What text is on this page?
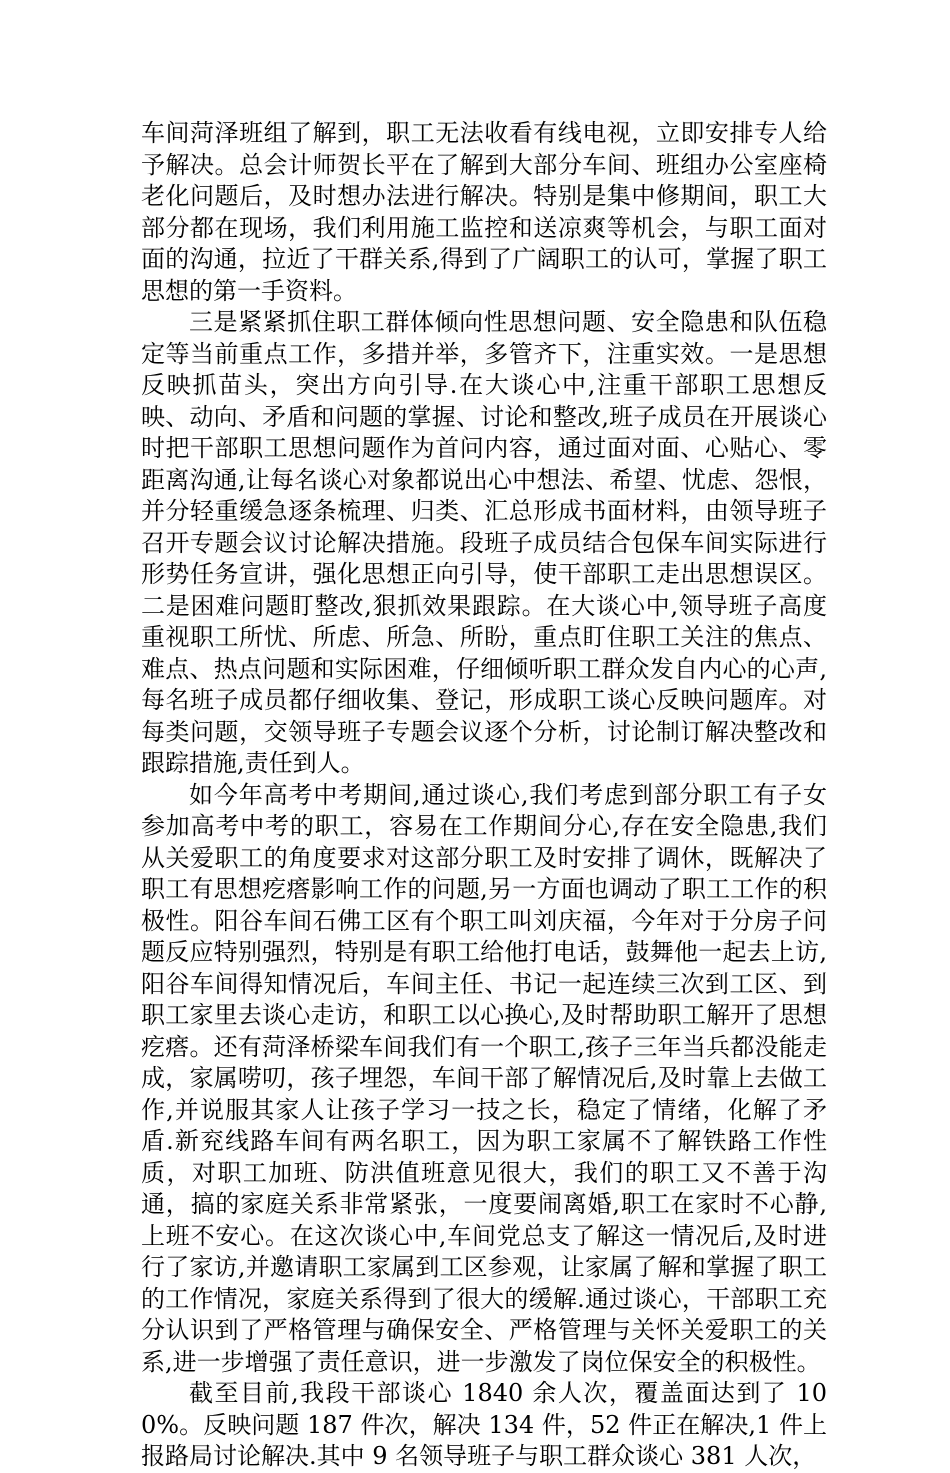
车间菏泽班组了解到，职工无法收看有线电视，立即安排专人给予解决。总会计师贺长平在了解到大部分车间、班组办公室座椅老化问题后，及时想办法进行解决。特别是集中修期间，职工大部分都在现场，我们利用施工监控和送凉爽等机会，与职工面对面的沟通，拉近了干群关系,得到了广阔职工的认可，掌握了职工思想的第一手资料。

三是紧紧抓住职工群体倾向性思想问题、安全隐患和队伍稳定等当前重点工作，多措并举，多管齐下，注重实效。一是思想反映抓苗头，突出方向引导.在大谈心中,注重干部职工思想反映、动向、矛盾和问题的掌握、讨论和整改,班子成员在开展谈心时把干部职工思想问题作为首问内容，通过面对面、心贴心、零距离沟通,让每名谈心对象都说出心中想法、希望、忧虑、怨恨，并分轻重缓急逐条梳理、归类、汇总形成书面材料，由领导班子召开专题会议讨论解决措施。段班子成员结合包保车间实际进行形势任务宣讲，强化思想正向引导，使干部职工走出思想误区。二是困难问题盯整改,狠抓效果跟踪。在大谈心中,领导班子高度重视职工所忧、所虑、所急、所盼，重点盯住职工关注的焦点、难点、热点问题和实际困难，仔细倾听职工群众发自内心的心声,每名班子成员都仔细收集、登记，形成职工谈心反映问题库。对每类问题，交领导班子专题会议逐个分析，讨论制订解决整改和跟踪措施,责任到人。

如今年高考中考期间,通过谈心,我们考虑到部分职工有子女参加高考中考的职工，容易在工作期间分心,存在安全隐患,我们从关爱职工的角度要求对这部分职工及时安排了调休，既解决了职工有思想疙瘩影响工作的问题,另一方面也调动了职工工作的积极性。阳谷车间石佛工区有个职工叫刘庆福，今年对于分房子问题反应特别强烈，特别是有职工给他打电话，鼓舞他一起去上访,阳谷车间得知情况后，车间主任、书记一起连续三次到工区、到职工家里去谈心走访，和职工以心换心,及时帮助职工解开了思想疙瘩。还有菏泽桥梁车间我们有一个职工,孩子三年当兵都没能走成，家属唠叨，孩子埋怨，车间干部了解情况后,及时靠上去做工作,并说服其家人让孩子学习一技之长，稳定了情绪，化解了矛盾.新兖线路车间有两名职工，因为职工家属不了解铁路工作性质，对职工加班、防洪值班意见很大，我们的职工又不善于沟通，搞的家庭关系非常紧张，一度要闹离婚,职工在家时不心静,上班不安心。在这次谈心中,车间党总支了解这一情况后,及时进行了家访,并邀请职工家属到工区参观，让家属了解和掌握了职工的工作情况，家庭关系得到了很大的缓解.通过谈心，干部职工充分认识到了严格管理与确保安全、严格管理与关怀关爱职工的关系,进一步增强了责任意识，进一步激发了岗位保安全的积极性。

截至目前,我段干部谈心 1840 余人次，覆盖面达到了 100%。反映问题 187 件次，解决 134 件，52 件正在解决,1 件上报路局讨论解决.其中 9 名领导班子与职工群众谈心 381 人次，
